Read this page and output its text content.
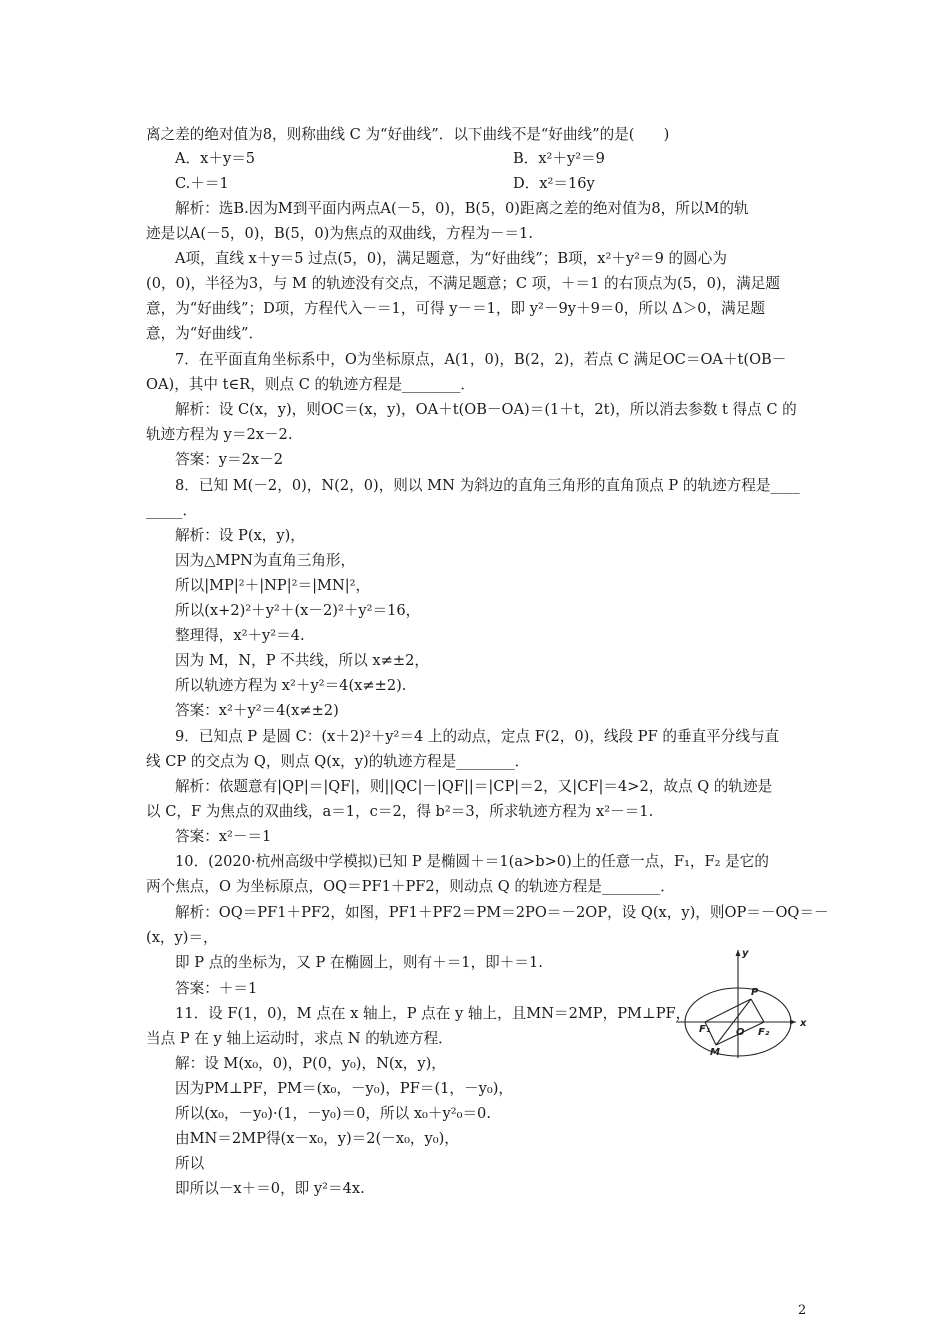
离之差的绝对值为8，则称曲线 C 为“好曲线”．以下曲线不是“好曲线”的是(　　)
A．x＋y＝5	B．x²＋y²＝9
C.＋＝1	D．x²＝16y
解析：选B.因为M到平面内两点A(－5，0)，B(5，0)距离之差的绝对值为8，所以M的轨
迹是以A(－5，0)，B(5，0)为焦点的双曲线，方程为－＝1.
A项，直线 x＋y＝5 过点(5，0)，满足题意，为“好曲线”；B项，x²＋y²＝9 的圆心为
(0，0)，半径为3，与 M 的轨迹没有交点，不满足题意；C 项，＋＝1 的右顶点为(5，0)，满足题
意，为“好曲线”；D项，方程代入－＝1，可得 y－＝1，即 y²－9y＋9＝0，所以 Δ＞0，满足题
意，为“好曲线”．
7．在平面直角坐标系中，O为坐标原点，A(1，0)，B(2，2)，若点 C 满足OC＝OA＋t(OB－
OA)，其中 t∈R，则点 C 的轨迹方程是________．
解析：设 C(x，y)，则OC＝(x，y)，OA＋t(OB－OA)＝(1＋t，2t)，所以消去参数 t 得点 C 的
轨迹方程为 y＝2x－2.
答案：y＝2x－2
8．已知 M(－2，0)，N(2，0)，则以 MN 为斜边的直角三角形的直角顶点 P 的轨迹方程是____
_____．
解析：设 P(x，y)，
因为△MPN为直角三角形，
所以|MP|²＋|NP|²＝|MN|²，
所以(x+2)²＋y²＋(x－2)²＋y²＝16，
整理得，x²＋y²＝4.
因为 M，N，P 不共线，所以 x≠±2，
所以轨迹方程为 x²＋y²＝4(x≠±2).
答案：x²＋y²＝4(x≠±2)
9．已知点 P 是圆 C：(x＋2)²＋y²＝4 上的动点，定点 F(2，0)，线段 PF 的垂直平分线与直
线 CP 的交点为 Q，则点 Q(x，y)的轨迹方程是________．
解析：依题意有|QP|＝|QF|，则||QC|－|QF||＝|CP|＝2，又|CF|＝4>2，故点 Q 的轨迹是
以 C，F 为焦点的双曲线，a＝1，c＝2，得 b²＝3，所求轨迹方程为 x²－＝1.
答案：x²－＝1
10．(2020·杭州高级中学模拟)已知 P 是椭圆＋＝1(a>b>0)上的任意一点，F₁，F₂ 是它的
两个焦点，O 为坐标原点，OQ＝PF1＋PF2，则动点 Q 的轨迹方程是________．
解析：OQ＝PF1＋PF2，如图，PF1＋PF2＝PM＝2PO＝－2OP，设 Q(x，y)，则OP＝－OQ＝－
(x，y)＝，
即 P 点的坐标为，又 P 在椭圆上，则有＋＝1，即＋＝1.
答案：＋＝1
11．设 F(1，0)，M 点在 x 轴上，P 点在 y 轴上，且MN＝2MP，PM⊥PF，
当点 P 在 y 轴上运动时，求点 N 的轨迹方程．
解：设 M(x₀，0)，P(0，y₀)，N(x，y)，
因为PM⊥PF，PM＝(x₀，－y₀)，PF＝(1，－y₀)，
所以(x₀，－y₀)·(1，－y₀)＝0，所以 x₀＋y²₀＝0.
由MN＝2MP得(x－x₀，y)＝2(－x₀，y₀)，
所以
即所以－x＋＝0，即 y²＝4x.
y
x
P
F₁	O F₂
M
2
